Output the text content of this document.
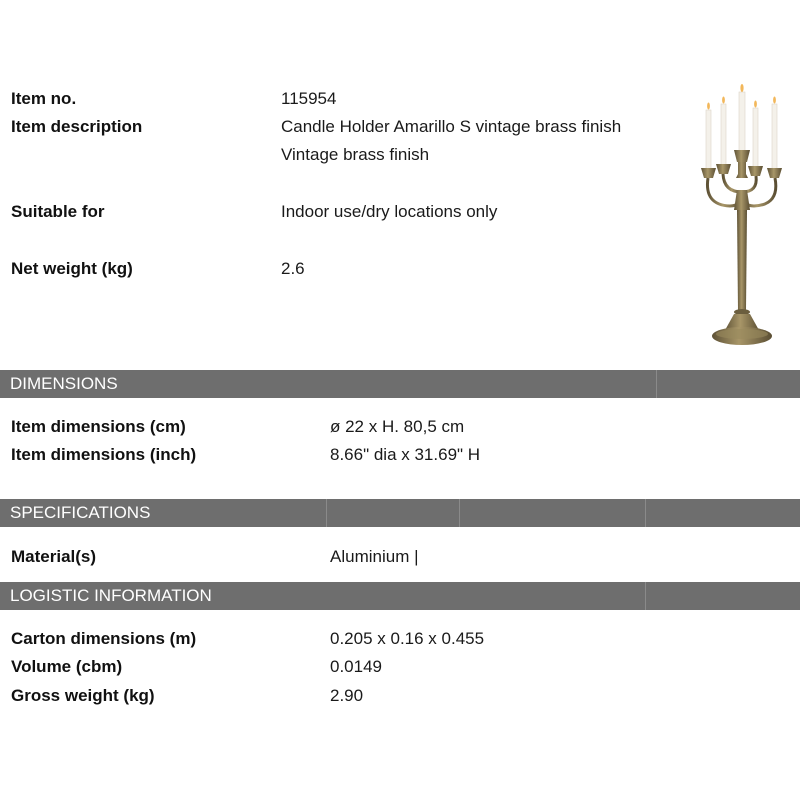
Item no.	115954
Item description	Candle Holder Amarillo S vintage brass finish
Vintage brass finish
Suitable for	Indoor use/dry locations only
Net weight (kg)	2.6
DIMENSIONS
Item dimensions (cm)	ø 22 x H. 80,5 cm
Item dimensions (inch)	8.66" dia x 31.69" H
SPECIFICATIONS
Material(s)	Aluminium |
LOGISTIC INFORMATION
Carton dimensions (m)	0.205 x 0.16 x 0.455
Volume (cbm)	0.0149
Gross weight (kg)	2.90
